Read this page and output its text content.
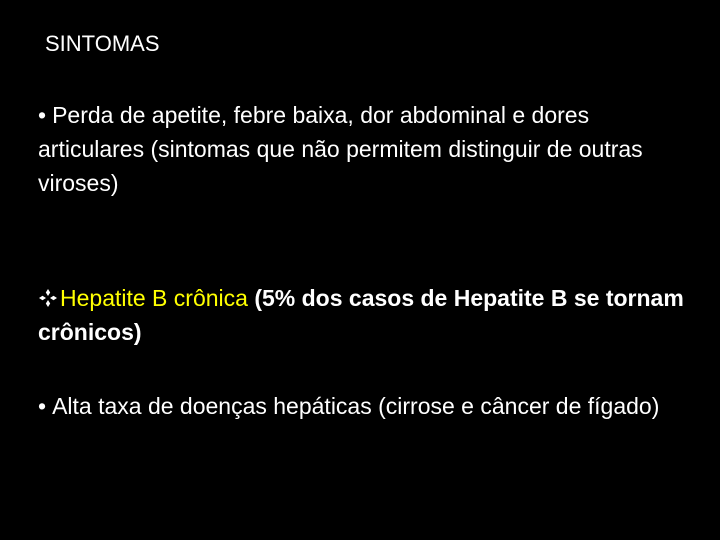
SINTOMAS
• Perda de apetite, febre baixa, dor abdominal e dores articulares (sintomas que não permitem distinguir de outras viroses)
Hepatite B crônica (5% dos casos de Hepatite B se tornam crônicos)
• Alta taxa de doenças hepáticas (cirrose e câncer de fígado)
